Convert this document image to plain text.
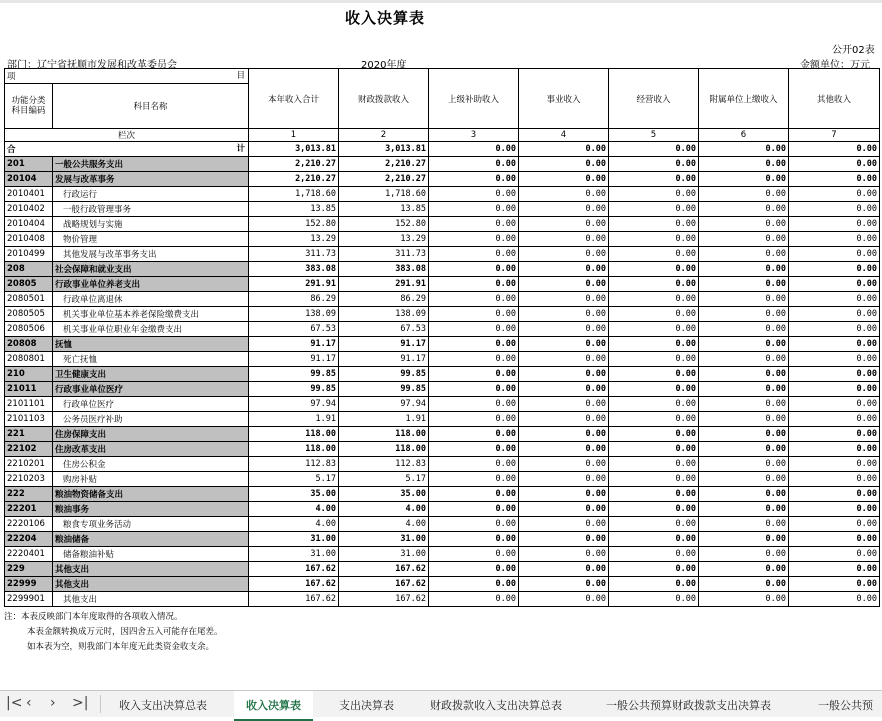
收入决算表
公开02表
部门：辽宁省抚顺市发展和改革委员会	2020年度	金额单位：万元
项 目		本年收入合计	财政拨款收入	上级补助收入	事业收入	经营收入	附属单位上缴收入	其他收入
功能分类
科目编码	科目名称							
栏次		1	2	3	4	5	6	7
合 计		3,013.81	3,013.81	0.00	0.00	0.00	0.00	0.00
201	一般公共服务支出	2,210.27	2,210.27	0.00	0.00	0.00	0.00	0.00
20104	发展与改革事务	2,210.27	2,210.27	0.00	0.00	0.00	0.00	0.00
2010401	行政运行	1,718.60	1,718.60	0.00	0.00	0.00	0.00	0.00
2010402	一般行政管理事务	13.85	13.85	0.00	0.00	0.00	0.00	0.00
2010404	战略规划与实施	152.80	152.80	0.00	0.00	0.00	0.00	0.00
2010408	物价管理	13.29	13.29	0.00	0.00	0.00	0.00	0.00
2010499	其他发展与改革事务支出	311.73	311.73	0.00	0.00	0.00	0.00	0.00
208	社会保障和就业支出	383.08	383.08	0.00	0.00	0.00	0.00	0.00
20805	行政事业单位养老支出	291.91	291.91	0.00	0.00	0.00	0.00	0.00
2080501	行政单位离退休	86.29	86.29	0.00	0.00	0.00	0.00	0.00
2080505	机关事业单位基本养老保险缴费支出	138.09	138.09	0.00	0.00	0.00	0.00	0.00
2080506	机关事业单位职业年金缴费支出	67.53	67.53	0.00	0.00	0.00	0.00	0.00
20808	抚恤	91.17	91.17	0.00	0.00	0.00	0.00	0.00
2080801	死亡抚恤	91.17	91.17	0.00	0.00	0.00	0.00	0.00
210	卫生健康支出	99.85	99.85	0.00	0.00	0.00	0.00	0.00
21011	行政事业单位医疗	99.85	99.85	0.00	0.00	0.00	0.00	0.00
2101101	行政单位医疗	97.94	97.94	0.00	0.00	0.00	0.00	0.00
2101103	公务员医疗补助	1.91	1.91	0.00	0.00	0.00	0.00	0.00
221	住房保障支出	118.00	118.00	0.00	0.00	0.00	0.00	0.00
22102	住房改革支出	118.00	118.00	0.00	0.00	0.00	0.00	0.00
2210201	住房公积金	112.83	112.83	0.00	0.00	0.00	0.00	0.00
2210203	购房补贴	5.17	5.17	0.00	0.00	0.00	0.00	0.00
222	粮油物资储备支出	35.00	35.00	0.00	0.00	0.00	0.00	0.00
22201	粮油事务	4.00	4.00	0.00	0.00	0.00	0.00	0.00
2220106	粮食专项业务活动	4.00	4.00	0.00	0.00	0.00	0.00	0.00
22204	粮油储备	31.00	31.00	0.00	0.00	0.00	0.00	0.00
2220401	储备粮油补贴	31.00	31.00	0.00	0.00	0.00	0.00	0.00
229	其他支出	167.62	167.62	0.00	0.00	0.00	0.00	0.00
22999	其他支出	167.62	167.62	0.00	0.00	0.00	0.00	0.00
2299901	其他支出	167.62	167.62	0.00	0.00	0.00	0.00	0.00
注：本表反映部门本年度取得的各项收入情况。
本表金额转换成万元时，因四舍五入可能存在尾差。
如本表为空，则我部门本年度无此类资金收支余。
|< ‹ › >|	收入支出决算总表	收入决算表	支出决算表	财政拨款收入支出决算总表	一般公共预算财政拨款支出决算表	一般公共预
